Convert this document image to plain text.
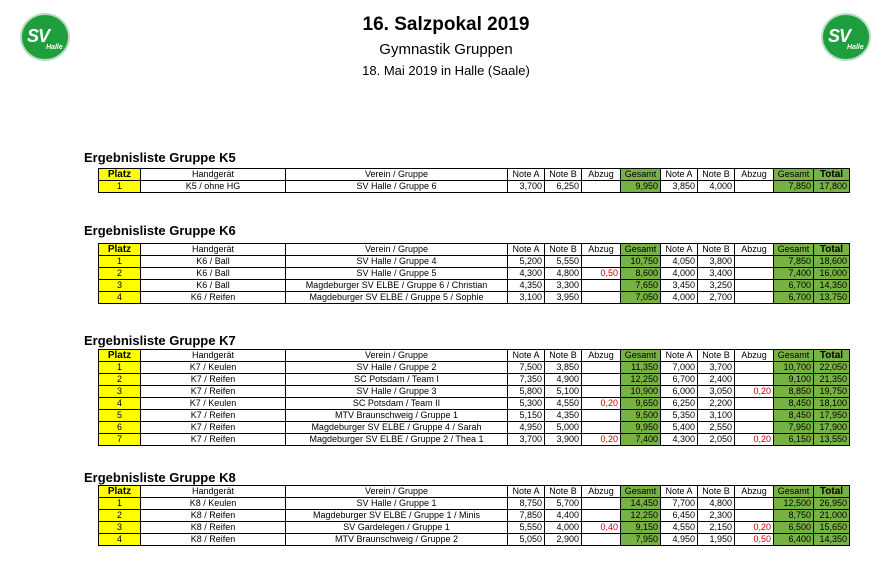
SV
Halle
SV
Halle
16. Salzpokal 2019
Gymnastik Gruppen
18. Mai 2019 in Halle (Saale)
Ergebnisliste Gruppe K5
Platz	Handgerät	Verein / Gruppe	Note A	Note B	Abzug	Gesamt	Note A	Note B	Abzug	Gesamt	Total
1	K5 / ohne HG	SV Halle / Gruppe 6	3,700	6,250		9,950	3,850	4,000		7,850	17,800
Ergebnisliste Gruppe K6
Platz	Handgerät	Verein / Gruppe	Note A	Note B	Abzug	Gesamt	Note A	Note B	Abzug	Gesamt	Total
1	K6 / Ball	SV Halle / Gruppe 4	5,200	5,550		10,750	4,050	3,800		7,850	18,600
2	K6 / Ball	SV Halle / Gruppe 5	4,300	4,800	0,50	8,600	4,000	3,400		7,400	16,000
3	K6 / Ball	Magdeburger SV ELBE / Gruppe 6 / Christian	4,350	3,300		7,650	3,450	3,250		6,700	14,350
4	K6 / Reifen	Magdeburger SV ELBE / Gruppe 5 / Sophie	3,100	3,950		7,050	4,000	2,700		6,700	13,750
Ergebnisliste Gruppe K7
Platz	Handgerät	Verein / Gruppe	Note A	Note B	Abzug	Gesamt	Note A	Note B	Abzug	Gesamt	Total
1	K7 / Keulen	SV Halle / Gruppe 2	7,500	3,850		11,350	7,000	3,700		10,700	22,050
2	K7 / Reifen	SC Potsdam / Team I	7,350	4,900		12,250	6,700	2,400		9,100	21,350
3	K7 / Reifen	SV Halle / Gruppe 3	5,800	5,100		10,900	6,000	3,050	0,20	8,850	19,750
4	K7 / Keulen	SC Potsdam / Team II	5,300	4,550	0,20	9,650	6,250	2,200		8,450	18,100
5	K7 / Reifen	MTV Braunschweig / Gruppe 1	5,150	4,350		9,500	5,350	3,100		8,450	17,950
6	K7 / Reifen	Magdeburger SV ELBE / Gruppe 4 / Sarah	4,950	5,000		9,950	5,400	2,550		7,950	17,900
7	K7 / Reifen	Magdeburger SV ELBE / Gruppe 2 / Thea 1	3,700	3,900	0,20	7,400	4,300	2,050	0,20	6,150	13,550
Ergebnisliste Gruppe K8
Platz	Handgerät	Verein / Gruppe	Note A	Note B	Abzug	Gesamt	Note A	Note B	Abzug	Gesamt	Total
1	K8 / Keulen	SV Halle / Gruppe 1	8,750	5,700		14,450	7,700	4,800		12,500	26,950
2	K8 / Reifen	Magdeburger SV ELBE / Gruppe 1 / Minis	7,850	4,400		12,250	6,450	2,300		8,750	21,000
3	K8 / Reifen	SV Gardelegen / Gruppe 1	5,550	4,000	0,40	9,150	4,550	2,150	0,20	6,500	15,650
4	K8 / Reifen	MTV Braunschweig / Gruppe 2	5,050	2,900		7,950	4,950	1,950	0,50	6,400	14,350
